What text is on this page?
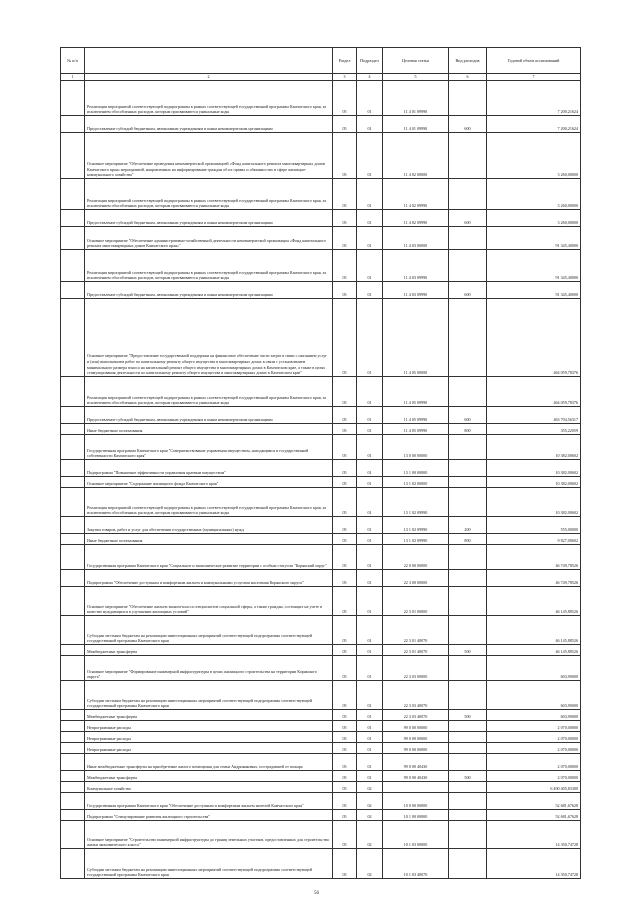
№ п/п		Раздел	Подраздел	Целевая статья	Вид расходов	Годовой объем ассигнований
1	2	3	4	5	6	7
	Реализация мероприятий соответствующей подпрограммы в рамках соответствующей государственной программы Камчатского края, за исключением обособленных расходов, которым присваиваются уникальные коды	05	01	11 4 01 09990		7 200,21624
	Предоставление субсидий бюджетным, автономным учреждениям и иным некоммерческим организациям	05	01	11 4 01 09990	600	7 200,21624
	Основное мероприятие "Обеспечение проведения некоммерческой организацией «Фонд капитального ремонта многоквартирных домов Камчатского края» мероприятий, направленных на информирование граждан об их правах и обязанностях в сфере жилищно-коммунального хозяйства"	05	01	11 4 02 00000		3 260,00000
	Реализация мероприятий соответствующей подпрограммы в рамках соответствующей государственной программы Камчатского края, за исключением обособленных расходов, которым присваиваются уникальные коды	05	01	11 4 02 09990		3 260,00000
	Предоставление субсидий бюджетным, автономным учреждениям и иным некоммерческим организациям	05	01	11 4 02 09990	600	3 260,00000
	Основное мероприятие "Обеспечение административно-хозяйственной деятельности некоммерческой организации «Фонд капитального ремонта многоквартирных домов Камчатского края»"	05	01	11 4 03 00000		91 345,40000
	Реализация мероприятий соответствующей подпрограммы в рамках соответствующей государственной программы Камчатского края, за исключением обособленных расходов, которым присваиваются уникальные коды	05	01	11 4 03 09990		91 345,40000
	Предоставление субсидий бюджетным, автономным учреждениям и иным некоммерческим организациям	05	01	11 4 03 09990	600	91 345,40000
	Основное мероприятие "Предоставление государственной поддержки на финансовое обеспечение части затрат в связи с оказанием услуг и (или) выполнением работ по капитальному ремонту общего имущества в многоквартирных домах в связи с установлением минимального размера взноса на капитальный ремонт общего имущества в многоквартирных домах в Камчатском крае, а также в целях стимулирования деятельности по капитальному ремонту общего имущества в многоквартирных домах в Камчатском крае"	05	01	11 4 05 00000		464 059,78376
	Реализация мероприятий соответствующей подпрограммы в рамках соответствующей государственной программы Камчатского края, за исключением обособленных расходов, которым присваиваются уникальные коды	05	01	11 4 05 09990		464 059,78376
	Предоставление субсидий бюджетным, автономным учреждениям и иным некоммерческим организациям	05	01	11 4 05 09990	600	463 704,56317
	Иные бюджетные ассигнования	05	01	11 4 05 09990	800	355,22059
	Государственная программа Камчатского края "Совершенствование управления имуществом, находящимся в государственной собственности Камчатского края"	05	01	13 0 00 00000		10 382,00602
	Подпрограмма "Повышение эффективности управления краевым имуществом"	05	01	13 1 00 00000		10 382,00602
	Основное мероприятие "Содержание жилищного фонда Камчатского края"	05	01	13 1 02 00000		10 382,00602
	Реализация мероприятий соответствующей подпрограммы в рамках соответствующей государственной программы Камчатского края, за исключением обособленных расходов, которым присваиваются уникальные коды	05	01	13 1 02 09990		10 382,00602
	Закупка товаров, работ и услуг для обеспечения государственных (муниципальных) нужд	05	01	13 1 02 09990	200	555,00000
	Иные бюджетные ассигнования	05	01	13 1 02 09990	800	9 827,00602
	Государственная программа Камчатского края "Социальное и экономическое развитие территории с особым статусом "Корякский округ"	05	01	22 0 00 00000		46 749,78526
	Подпрограмма "Обеспечение доступным и комфортным жильем и коммунальными услугами населения Корякского округа"	05	01	22 3 00 00000		46 749,78526
	Основное мероприятие "Обеспечение жильем эконом-класса специалистов социальной сферы, а также граждан, состоящих на учете в качестве нуждающихся в улучшении жилищных условий"	05	01	22 3 01 00000		46 145,88526
	Субсидии местным бюджетам на реализацию инвестиционных мероприятий соответствующей подпрограммы соответствующей государственной программы Камчатского края	05	01	22 3 01 40070		46 145,88526
	Межбюджетные трансферты	05	01	22 3 01 40070	500	46 145,88526
	Основное мероприятие "Формирование инженерной инфраструктуры в целях жилищного строительства на территории Корякского округа"	05	01	22 3 03 00000		603,90000
	Субсидии местным бюджетам на реализацию инвестиционных мероприятий соответствующей подпрограммы соответствующей государственной программы Камчатского края	05	01	22 3 03 40070		603,90000
	Межбюджетные трансферты	05	01	22 3 03 40070	500	603,90000
	Непрограммные расходы	05	01	99 0 00 00000		2 070,00000
	Непрограммные расходы	05	01	99 0 00 00000		2 070,00000
	Непрограммные расходы	05	01	99 0 00 00000		2 070,00000
	Иные межбюджетные трансферты на приобретение жилого помещения для семьи Андриянковых, пострадавшей от пожара	05	01	99 0 00 40430		2 070,00000
	Межбюджетные трансферты	05	01	99 0 00 40430	500	2 070,00000
	Коммунальное хозяйство	05	02			6 490 405,83300
	Государственная программа Камчатского края "Обеспечение доступным и комфортным жильем жителей Камчатского края"	05	02	10 0 00 00000		52 681,67628
	Подпрограмма "Стимулирование развития жилищного строительства"	05	02	10 1 00 00000		52 681,67628
	Основное мероприятие "Строительство инженерной инфраструктуры до границ земельных участков, предоставленных для строительства жилья экономического класса"	05	02	10 1 03 00000		14 350,74728
	Субсидии местным бюджетам на реализацию инвестиционных мероприятий соответствующей подпрограммы соответствующей государственной программы Камчатского края	05	02	10 1 03 40070		14 350,74728
56
